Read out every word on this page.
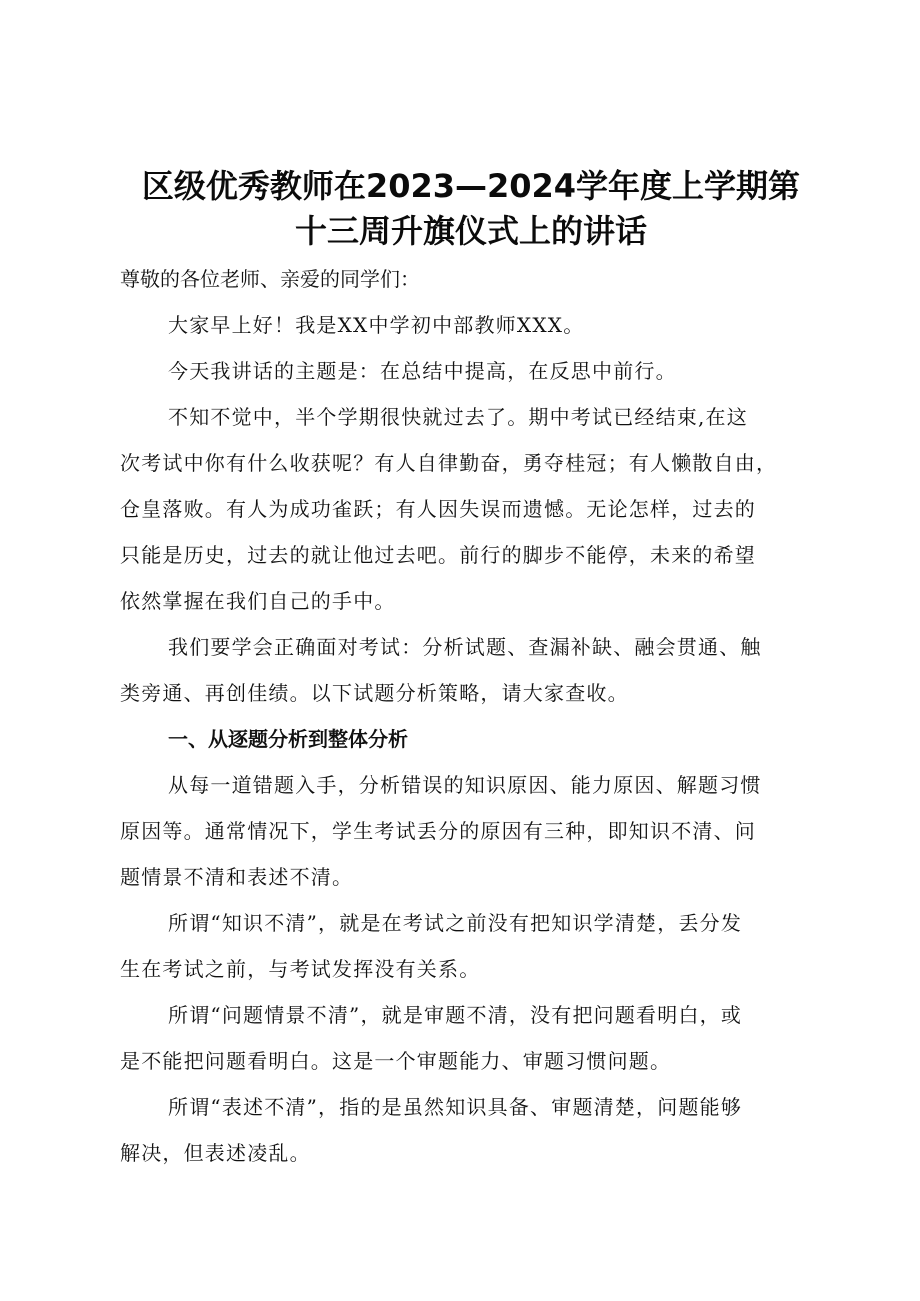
区级优秀教师在2023—2024学年度上学期第
十三周升旗仪式上的讲话

尊敬的各位老师、亲爱的同学们：

大家早上好！我是XX中学初中部教师XXX。

今天我讲话的主题是：在总结中提高，在反思中前行。

不知不觉中，半个学期很快就过去了。期中考试已经结束,在这
次考试中你有什么收获呢？有人自律勤奋，勇夺桂冠；有人懒散自由，
仓皇落败。有人为成功雀跃；有人因失误而遗憾。无论怎样，过去的
只能是历史，过去的就让他过去吧。前行的脚步不能停，未来的希望
依然掌握在我们自己的手中。

我们要学会正确面对考试：分析试题、查漏补缺、融会贯通、触
类旁通、再创佳绩。以下试题分析策略，请大家查收。

一、从逐题分析到整体分析

从每一道错题入手，分析错误的知识原因、能力原因、解题习惯
原因等。通常情况下，学生考试丢分的原因有三种，即知识不清、问
题情景不清和表述不清。

所谓“知识不清”，就是在考试之前没有把知识学清楚，丢分发
生在考试之前，与考试发挥没有关系。

所谓“问题情景不清”，就是审题不清，没有把问题看明白，或
是不能把问题看明白。这是一个审题能力、审题习惯问题。

所谓“表述不清”，指的是虽然知识具备、审题清楚，问题能够
解决，但表述凌乱。
